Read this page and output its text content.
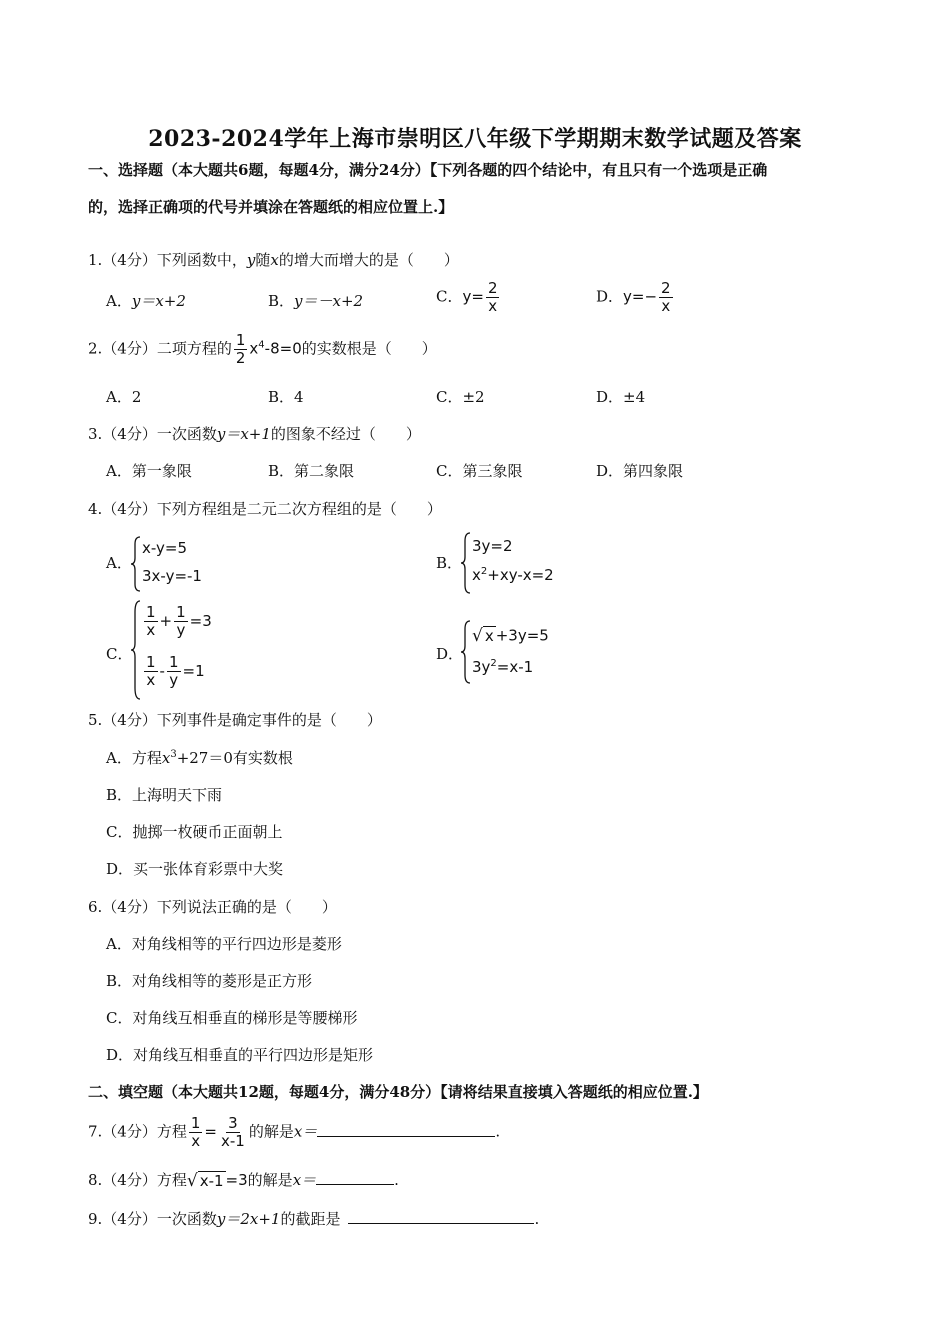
2023-2024学年上海市崇明区八年级下学期期末数学试题及答案
一、选择题（本大题共6题，每题4分，满分24分）【下列各题的四个结论中，有且只有一个选项是正确
的，选择正确项的代号并填涂在答题纸的相应位置上.】
1.（4分）下列函数中，y随x的增大而增大的是（　　）
A．y＝x+2	B．y＝－x+2	C．$y= \frac{2}{x}$	D．$y=- \frac{2}{x}$
2.（4分）二项方程的 $\frac{1}{2} x^4-8=0$的实数根是（　　）
A．2	B．4	C．±2	D．±4
3.（4分）一次函数y＝x+1的图象不经过（　　）
A．第一象限	B．第二象限	C．第三象限	D．第四象限
4.（4分）下列方程组是二元二次方程组的是（　　）
A．
x-y=5
3x-y=-1
B．
3y=2
$x^2+xy-x=2$
C．
$\frac{1}{x} + \frac{1}{y} =3$
$\frac{1}{x} - \frac{1}{y} =1$
D．
√ x +3y=5
$3y^2=x-1$
5.（4分）下列事件是确定事件的是（　　）
A．方程$x^3+27=0$有实数根
B．上海明天下雨
C．抛掷一枚硬币正面朝上
D．买一张体育彩票中大奖
6.（4分）下列说法正确的是（　　）
A．对角线相等的平行四边形是菱形
B．对角线相等的菱形是正方形
C．对角线互相垂直的梯形是等腰梯形
D．对角线互相垂直的平行四边形是矩形
二、填空题（本大题共12题，每题4分，满分48分）【请将结果直接填入答题纸的相应位置.】
7.（4分）方程 $\frac{1}{x} = \frac{3}{x-1}$ 的解是x＝	.
8.（4分）方程√ x-1 =3的解是x＝	.
9.（4分）一次函数y＝2x+1的截距是	.
